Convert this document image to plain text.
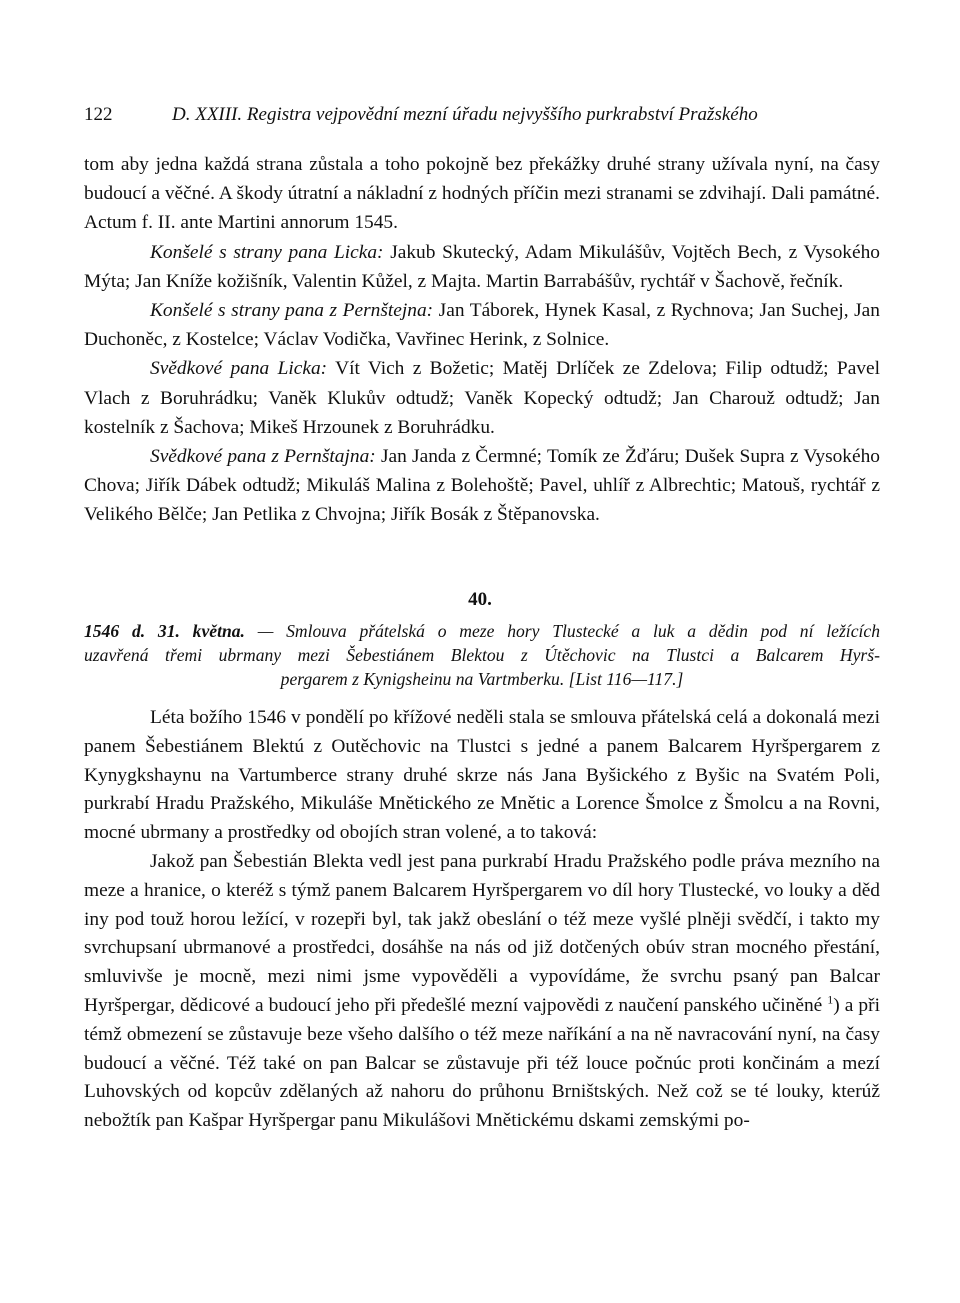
122	D. XXIII. Registra vejpovědní mezní úřadu nejvyššího purkrabství Pražského

tom aby jedna každá strana zůstala a toho pokojně bez překážky druhé strany užívala nyní, na časy budoucí a věčné. A škody útratní a nákladní z hodných příčin mezi stranami se zdvihají. Dali památné. Actum f. II. ante Martini annorum 1545.

Konšelé s strany pana Licka: Jakub Skutecký, Adam Mikulášův, Vojtěch Bech, z Vysokého Mýta; Jan Kníže kožišník, Valentin Kůžel, z Majta. Martin Barrabášův, rychtář v Šachově, řečník.

Konšelé s strany pana z Pernštejna: Jan Táborek, Hynek Kasal, z Rychnova; Jan Suchej, Jan Duchoněc, z Kostelce; Václav Vodička, Vavřinec Herink, z Solnice.

Svědkové pana Licka: Vít Vich z Božetic; Matěj Drlíček ze Zdelova; Filip odtudž; Pavel Vlach z Boruhrádku; Vaněk Klukův odtudž; Vaněk Kopecký odtudž; Jan Charouž odtudž; Jan kostelník z Šachova; Mikeš Hrzounek z Boruhrádku.

Svědkové pana z Pernštajna: Jan Janda z Čermné; Tomík ze Žďáru; Dušek Supra z Vysokého Chova; Jiřík Dábek odtudž; Mikuláš Malina z Bolehoště; Pavel, uhlíř z Albrechtic; Matouš, rychtář z Velikého Bělče; Jan Petlika z Chvojna; Jiřík Bosák z Štěpanovska.

40.
1546 d. 31. května. — Smlouva přátelská o meze hory Tlustecké a luk a dědin pod ní ležících
uzavřená třemi ubrmany mezi Šebestiánem Blektou z Útěchovic na Tlustci a Balcarem Hyrš-
pergarem z Kynigsheinu na Vartmberku. [List 116—117.]

Léta božího 1546 v pondělí po křížové neděli stala se smlouva přátelská celá a dokonalá mezi panem Šebestiánem Blektú z Outěchovic na Tlustci s jedné a panem Balcarem Hyršpergarem z Kynygkshaynu na Vartumberce strany druhé skrze nás Jana Byšického z Byšic na Svatém Poli, purkrabí Hradu Pražského, Mikuláše Mnětického ze Mnětic a Lorence Šmolce z Šmolcu a na Rovni, mocné ubrmany a prostředky od obojích stran volené, a to taková:

Jakož pan Šebestián Blekta vedl jest pana purkrabí Hradu Pražského podle práva mezního na meze a hranice, o kteréž s týmž panem Balcarem Hyršpergarem vo díl hory Tlustecké, vo louky a děd iny pod touž horou ležící, v rozepři byl, tak jakž obeslání o též meze vyšlé plněji svědčí, i takto my svrchupsaní ubrmanové a prostředci, dosáhše na nás od již dotčených obúv stran mocného přestání, smluvivše je mocně, mezi nimi jsme vypověděli a vypovídáme, že svrchu psaný pan Balcar Hyršpergar, dědicové a budoucí jeho při předešlé mezní vajpovědi z naučení panského učiněné $^1$) a při témž obmezení se zůstavuje beze všeho dalšího o též meze naříkání a na ně navracování nyní, na časy budoucí a věčné. Též také on pan Balcar se zůstavuje při též louce počnúc proti končinám a mezí Luhovských od kopcův zdělaných až nahoru do průhonu Brništských. Než což se té louky, kterúž nebožtík pan Kašpar Hyršpergar panu Mikulášovi Mnětickému dskami zemskými po-
